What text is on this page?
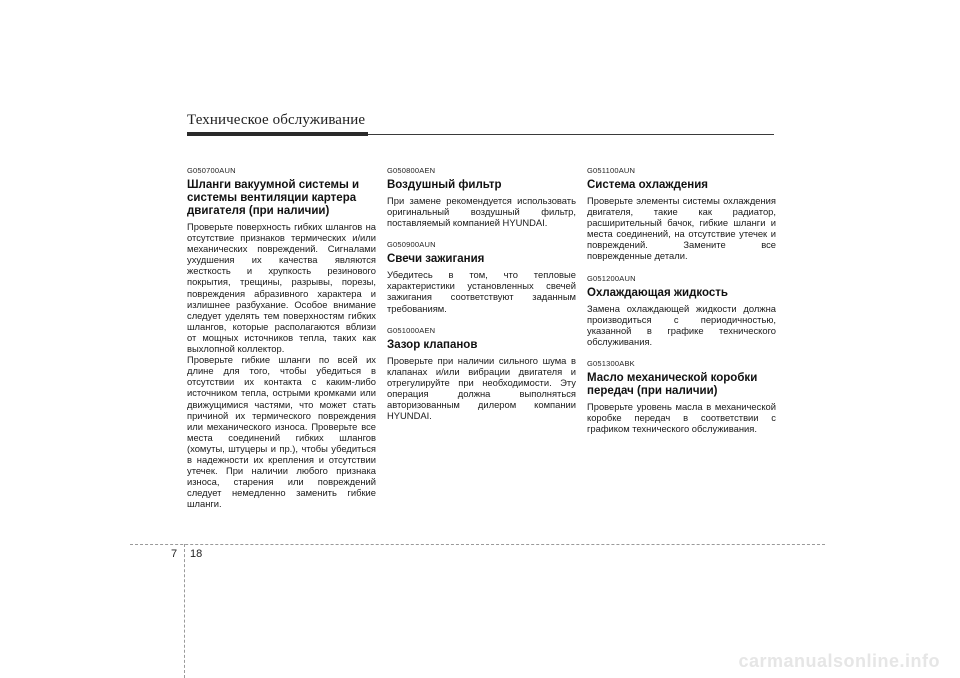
Техническое обслуживание
G050700AUN
Шланги вакуумной системы и системы вентиляции картера двигателя (при наличии)
Проверьте поверхность гибких шлангов на отсутствие признаков термических и/или механических повреждений. Сигналами ухудшения их качества являются жесткость и хрупкость резинового покрытия, трещины, разрывы, порезы, повреждения абразивного характера и излишнее разбухание. Особое внимание следует уделять тем поверхностям гибких шлангов, которые располагаются вблизи от мощных источников тепла, таких как выхлопной коллектор.
Проверьте гибкие шланги по всей их длине для того, чтобы убедиться в отсутствии их контакта с каким-либо источником тепла, острыми кромками или движущимися частями, что может стать причиной их термического повреждения или механического износа. Проверьте все места соединений гибких шлангов (хомуты, штуцеры и пр.), чтобы убедиться в надежности их крепления и отсутствии утечек. При наличии любого признака износа, старения или повреждений следует немедленно заменить гибкие шланги.
G050800AEN
Воздушный фильтр
При замене рекомендуется использовать оригинальный воздушный фильтр, поставляемый компанией HYUNDAI.
G050900AUN
Свечи зажигания
Убедитесь в том, что тепловые характеристики установленных свечей зажигания соответствуют заданным требованиям.
G051000AEN
Зазор клапанов
Проверьте при наличии сильного шума в клапанах и/или вибрации двигателя и отрегулируйте при необходимости. Эту операция должна выполняться авторизованным дилером компании HYUNDAI.
G051100AUN
Система охлаждения
Проверьте элементы системы охлаждения двигателя, такие как радиатор, расширительный бачок, гибкие шланги и места соединений, на отсутствие утечек и повреждений. Замените все поврежденные детали.
G051200AUN
Охлаждающая жидкость
Замена охлаждающей жидкости должна производиться с периодичностью, указанной в графике технического обслуживания.
G051300ABK
Масло механической коробки передач (при наличии)
Проверьте уровень масла в механической коробке передач в соответствии с графиком технического обслуживания.
7 18
carmanualsonline.info
